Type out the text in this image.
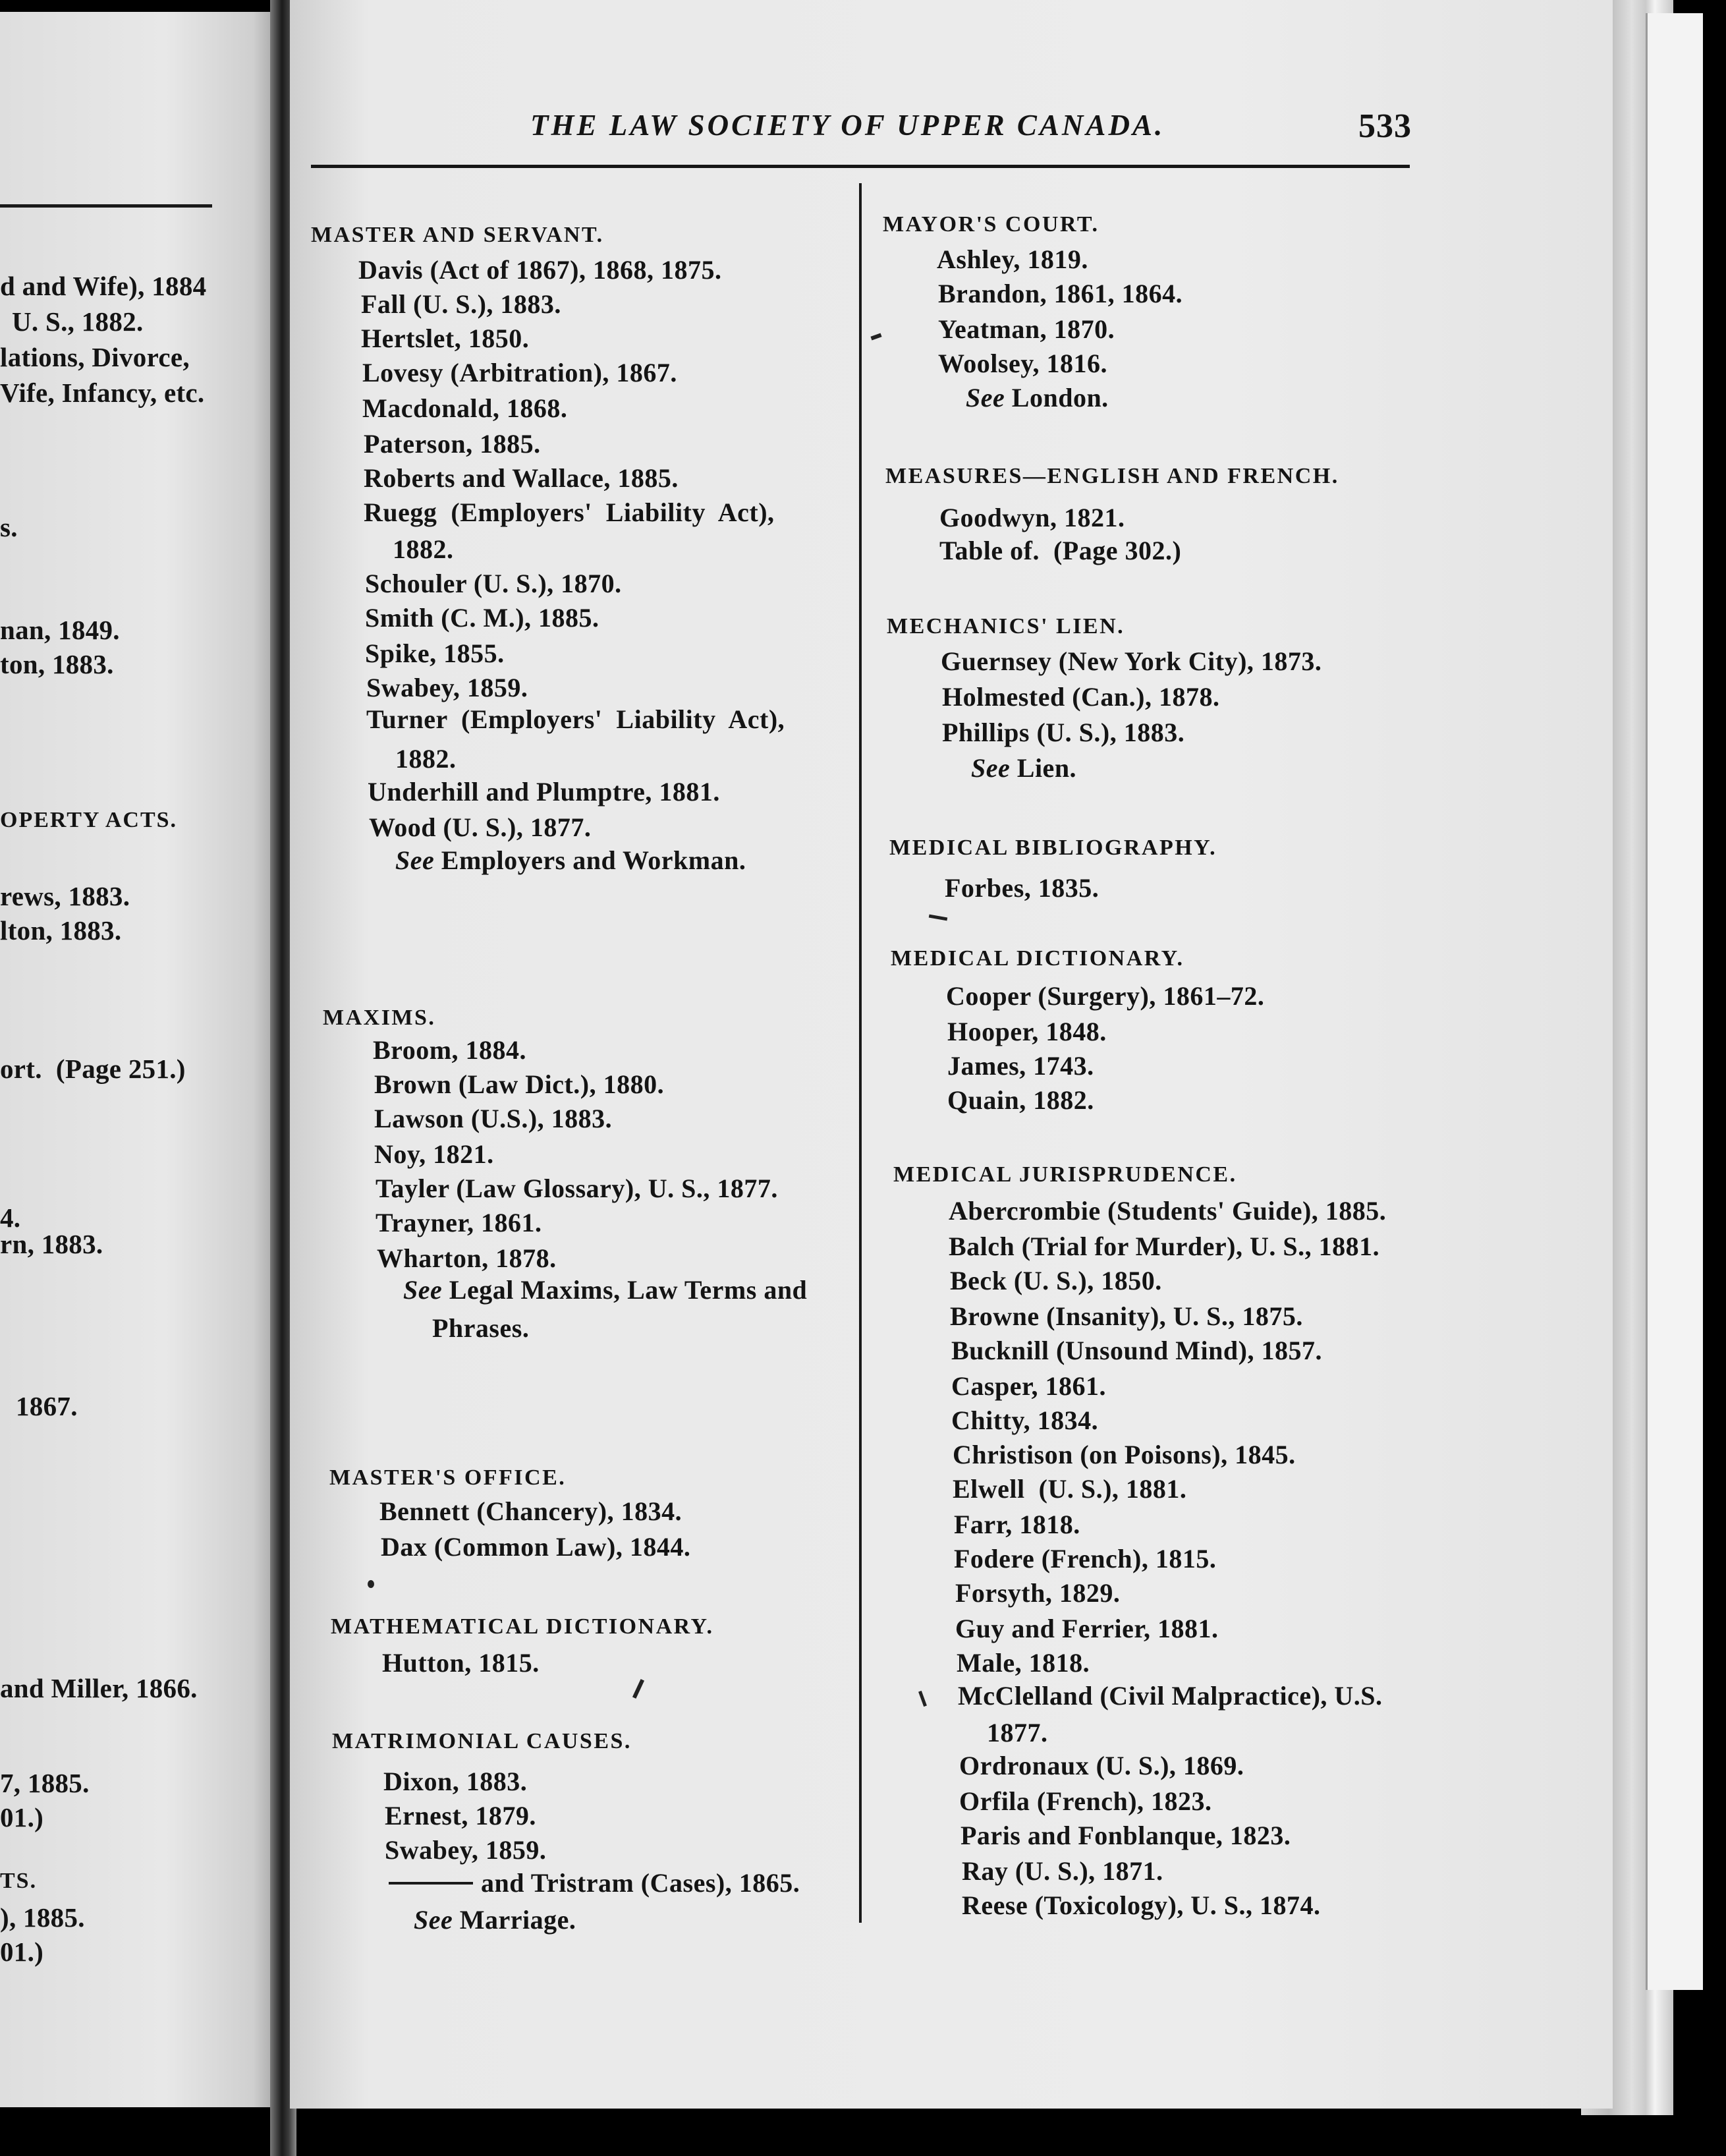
d and Wife), 1884
U. S., 1882.
lations, Divorce,
Vife, Infancy, etc.
s.
nan, 1849.
ton, 1883.
OPERTY ACTS.
rews, 1883.
lton, 1883.
ort.  (Page 251.)
4.
rn, 1883.
1867.
and Miller, 1866.
7, 1885.
01.)
TS.
), 1885.
01.)
THE LAW SOCIETY OF UPPER CANADA.	533
MASTER AND SERVANT.
Davis (Act of 1867), 1868, 1875.
Fall (U. S.), 1883.
Hertslet, 1850.
Lovesy (Arbitration), 1867.
Macdonald, 1868.
Paterson, 1885.
Roberts and Wallace, 1885.
Ruegg  (Employers'  Liability  Act),
1882.
Schouler (U. S.), 1870.
Smith (C. M.), 1885.
Spike, 1855.
Swabey, 1859.
Turner  (Employers'  Liability  Act),
1882.
Underhill and Plumptre, 1881.
Wood (U. S.), 1877.
See Employers and Workman.
MAXIMS.
Broom, 1884.
Brown (Law Dict.), 1880.
Lawson (U.S.), 1883.
Noy, 1821.
Tayler (Law Glossary), U. S., 1877.
Trayner, 1861.
Wharton, 1878.
See Legal Maxims, Law Terms and
Phrases.
MASTER'S OFFICE.
Bennett (Chancery), 1834.
Dax (Common Law), 1844.
MATHEMATICAL DICTIONARY.
Hutton, 1815.
MATRIMONIAL CAUSES.
Dixon, 1883.
Ernest, 1879.
Swabey, 1859.
and Tristram (Cases), 1865.
See Marriage.
MAYOR'S COURT.
Ashley, 1819.
Brandon, 1861, 1864.
Yeatman, 1870.
Woolsey, 1816.
See London.
MEASURES—ENGLISH AND FRENCH.
Goodwyn, 1821.
Table of.  (Page 302.)
MECHANICS' LIEN.
Guernsey (New York City), 1873.
Holmested (Can.), 1878.
Phillips (U. S.), 1883.
See Lien.
MEDICAL BIBLIOGRAPHY.
Forbes, 1835.
MEDICAL DICTIONARY.
Cooper (Surgery), 1861–72.
Hooper, 1848.
James, 1743.
Quain, 1882.
MEDICAL JURISPRUDENCE.
Abercrombie (Students' Guide), 1885.
Balch (Trial for Murder), U. S., 1881.
Beck (U. S.), 1850.
Browne (Insanity), U. S., 1875.
Bucknill (Unsound Mind), 1857.
Casper, 1861.
Chitty, 1834.
Christison (on Poisons), 1845.
Elwell  (U. S.), 1881.
Farr, 1818.
Fodere (French), 1815.
Forsyth, 1829.
Guy and Ferrier, 1881.
Male, 1818.
McClelland (Civil Malpractice), U.S.
1877.
Ordronaux (U. S.), 1869.
Orfila (French), 1823.
Paris and Fonblanque, 1823.
Ray (U. S.), 1871.
Reese (Toxicology), U. S., 1874.
